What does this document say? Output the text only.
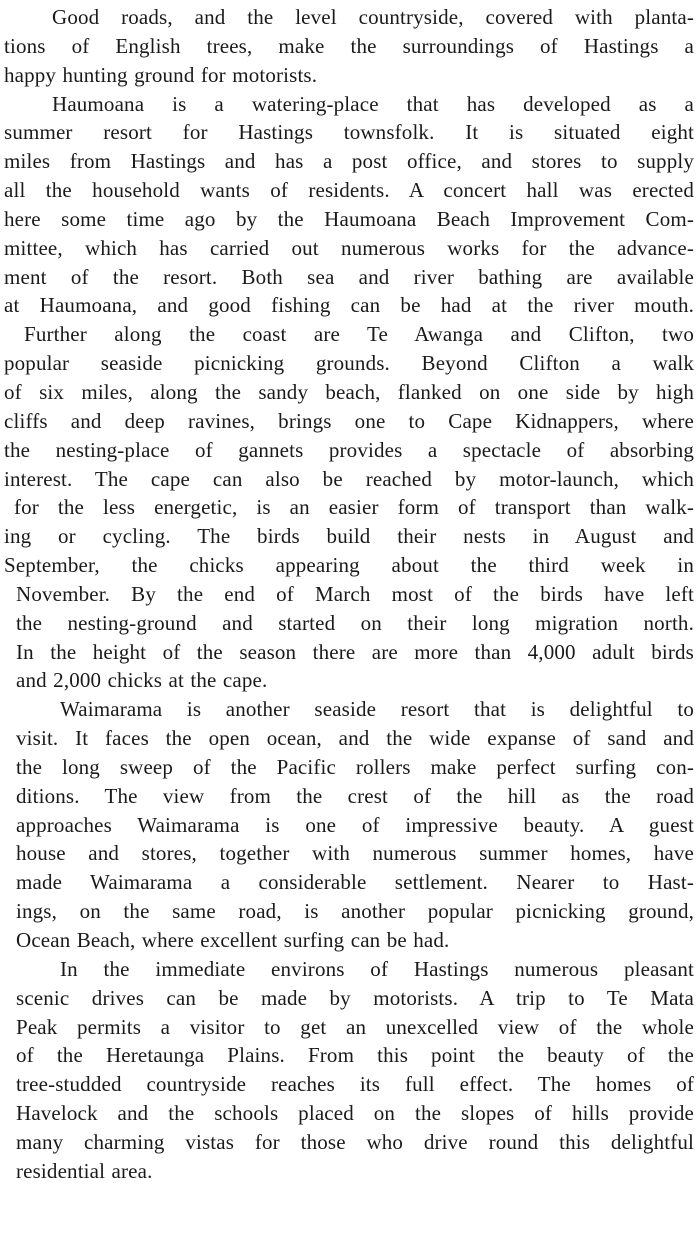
Good roads, and the level countryside, covered with planta-
tions of English trees, make the surroundings of Hastings a
happy hunting ground for motorists.
Haumoana is a watering-place that has developed as a
summer resort for Hastings townsfolk. It is situated eight
miles from Hastings and has a post office, and stores to supply
all the household wants of residents. A concert hall was erected
here some time ago by the Haumoana Beach Improvement Com-
mittee, which has carried out numerous works for the advance-
ment of the resort. Both sea and river bathing are available
at Haumoana, and good fishing can be had at the river mouth.
Further along the coast are Te Awanga and Clifton, two
popular seaside picnicking grounds. Beyond Clifton a walk
of six miles, along the sandy beach, flanked on one side by high
cliffs and deep ravines, brings one to Cape Kidnappers, where
the nesting-place of gannets provides a spectacle of absorbing
interest. The cape can also be reached by motor-launch, which
for the less energetic, is an easier form of transport than walk-
ing or cycling. The birds build their nests in August and
September, the chicks appearing about the third week in
November. By the end of March most of the birds have left
the nesting-ground and started on their long migration north.
In the height of the season there are more than 4,000 adult birds
and 2,000 chicks at the cape.
Waimarama is another seaside resort that is delightful to
visit. It faces the open ocean, and the wide expanse of sand and
the long sweep of the Pacific rollers make perfect surfing con-
ditions. The view from the crest of the hill as the road
approaches Waimarama is one of impressive beauty. A guest
house and stores, together with numerous summer homes, have
made Waimarama a considerable settlement. Nearer to Hast-
ings, on the same road, is another popular picnicking ground,
Ocean Beach, where excellent surfing can be had.
In the immediate environs of Hastings numerous pleasant
scenic drives can be made by motorists. A trip to Te Mata
Peak permits a visitor to get an unexcelled view of the whole
of the Heretaunga Plains. From this point the beauty of the
tree-studded countryside reaches its full effect. The homes of
Havelock and the schools placed on the slopes of hills provide
many charming vistas for those who drive round this delightful
residential area.
